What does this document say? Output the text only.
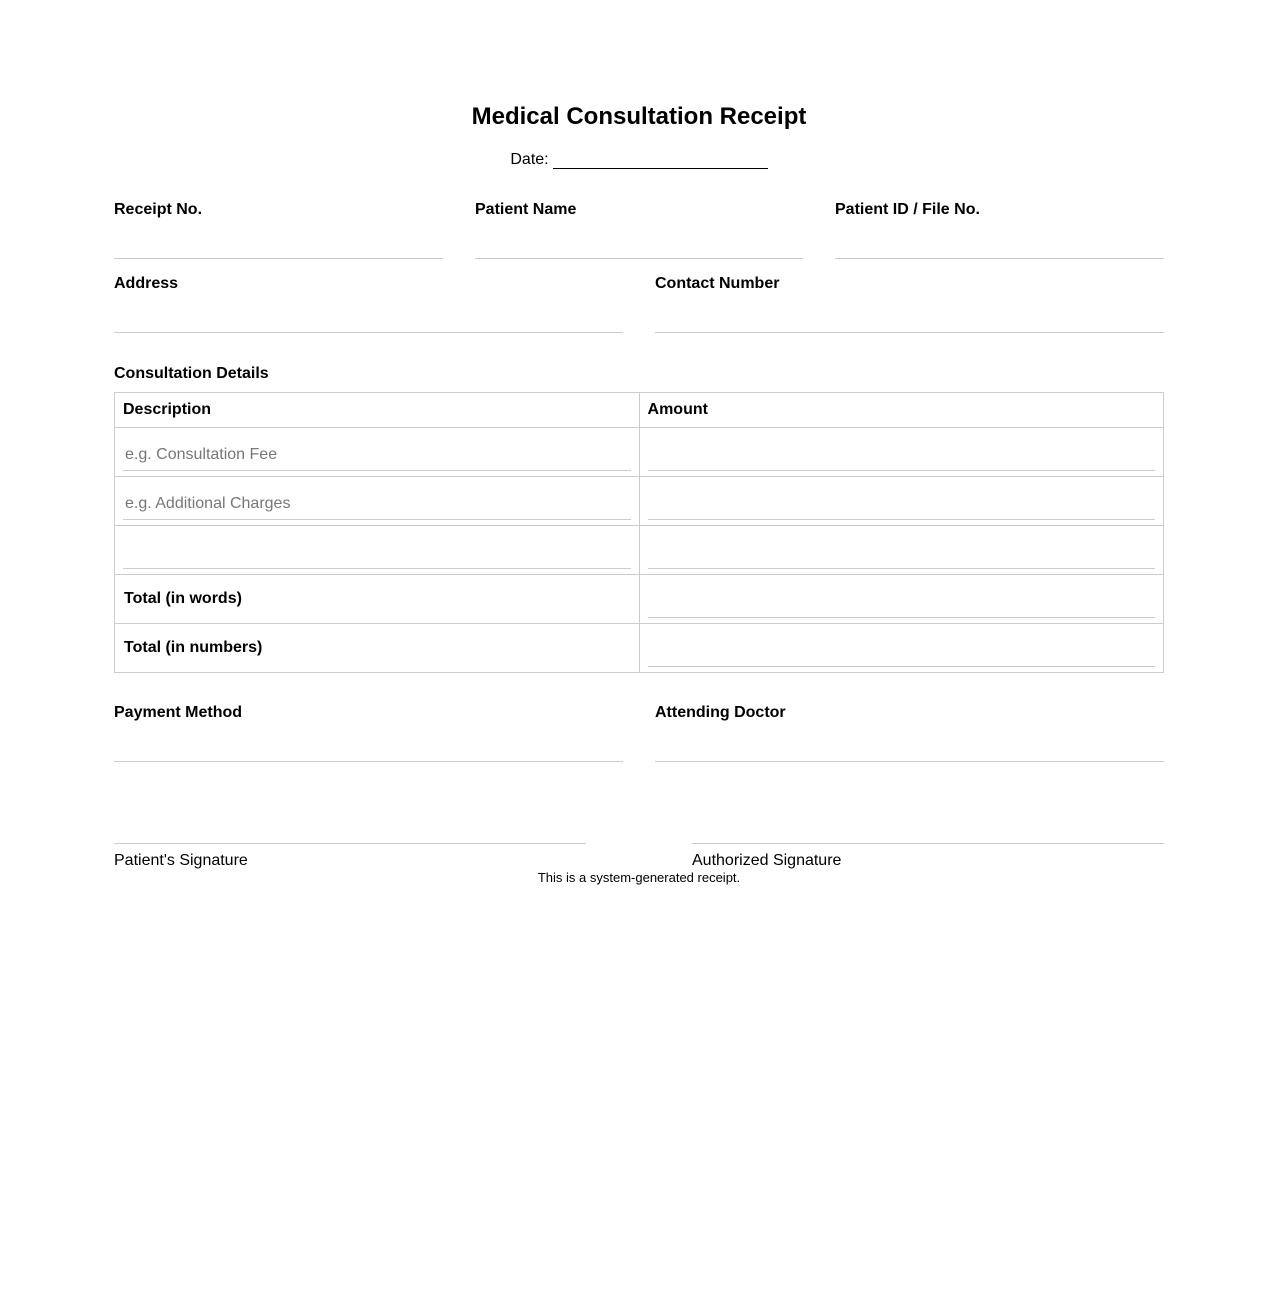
Medical Consultation Receipt
Date:
Receipt No.	Patient Name	Patient ID / File No.
Address	Contact Number
Consultation Details
Description	Amount
e.g. Consultation Fee	
e.g. Additional Charges	

Total (in words)	
Total (in numbers)	
Payment Method	Attending Doctor
Patient's Signature	Authorized Signature
This is a system-generated receipt.
